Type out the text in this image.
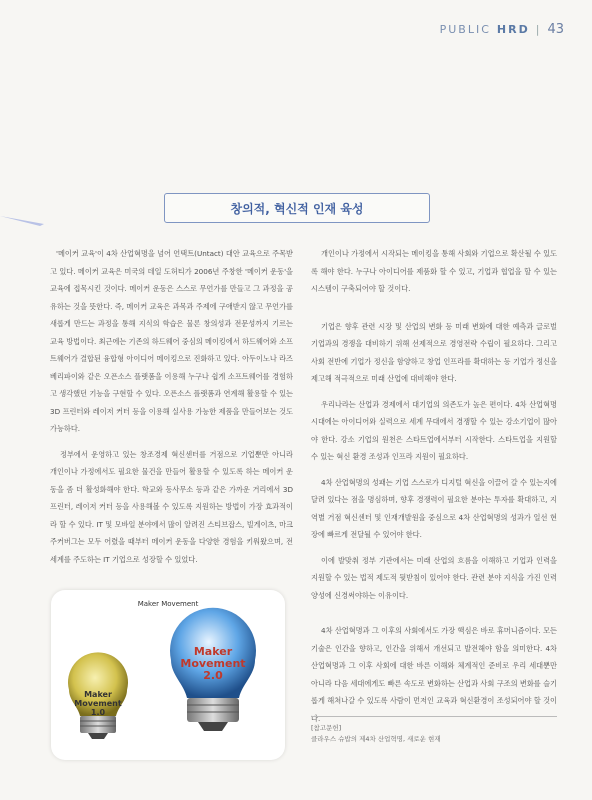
PUBLIC HRD | 43
창의적, 혁신적 인재 육성

'메이커 교육'이 4차 산업혁명을 넘어 언택트(Untact) 대안 교육으로 주목받고 있다. 메이커 교육은 미국의 데일 도허티가 2006년 주창한 '메이커 운동'을 교육에 접목시킨 것이다. 메이커 운동은 스스로 무언가를 만들고 그 과정을 공유하는 것을 뜻한다. 즉, 메이커 교육은 과목과 주제에 구애받지 않고 무언가를 새롭게 만드는 과정을 통해 지식의 학습은 물론 창의성과 전문성까지 기르는 교육 방법이다. 최근에는 기존의 하드웨어 중심의 메이킹에서 하드웨어와 소프트웨어가 결합된 융합형 아이디어 메이킹으로 진화하고 있다. 아두이노나 라즈베리파이와 같은 오픈소스 플랫폼을 이용해 누구나 쉽게 소프트웨어를 경험하고 생각했던 기능을 구현할 수 있다. 오픈소스 플랫폼과 연계해 활용할 수 있는 3D 프린터와 레이저 커터 등을 이용해 실사용 가능한 제품을 만들어보는 것도 가능하다.

정부에서 운영하고 있는 창조경제 혁신센터를 거점으로 기업뿐만 아니라 개인이나 가정에서도 필요한 물건을 만들어 활용할 수 있도록 하는 메이커 운동을 좀 더 활성화해야 한다. 학교와 동사무소 등과 같은 가까운 거리에서 3D 프린터, 레이저 커터 등을 사용해볼 수 있도록 지원하는 방법이 가장 효과적이라 할 수 있다. IT 및 모바일 분야에서 많이 알려진 스티브잡스, 빌게이츠, 마크주커버그는 모두 어렸을 때부터 메이커 운동을 다양한 경험을 키워왔으며, 전 세계를 주도하는 IT 기업으로 성장할 수 있었다.

개인이나 가정에서 시작되는 메이킹을 통해 사회와 기업으로 확산될 수 있도록 해야 한다. 누구나 아이디어를 제품화 할 수 있고, 기업과 협업을 할 수 있는 시스템이 구축되어야 할 것이다.

기업은 향후 관련 시장 및 산업의 변화 등 미래 변화에 대한 예측과 글로벌 기업과의 경쟁을 대비하기 위해 선제적으로 경영전략 수립이 필요하다. 그리고 사회 전반에 기업가 정신을 함양하고 창업 인프라를 확대하는 등 기업가 정신을 제고해 적극적으로 미래 산업에 대비해야 한다.

우리나라는 산업과 경제에서 대기업의 의존도가 높은 편이다. 4차 산업혁명 시대에는 아이디어와 실력으로 세계 무대에서 경쟁할 수 있는 강소기업이 많아야 한다. 강소 기업의 원천은 스타트업에서부터 시작한다. 스타트업을 지원할 수 있는 혁신 환경 조성과 인프라 지원이 필요하다.

4차 산업혁명의 성패는 기업 스스로가 디지털 혁신을 이끌어 갈 수 있는지에 달려 있다는 점을 명심하며, 향후 경쟁력이 필요한 분야는 투자를 확대하고, 지역별 거점 혁신센터 및 인재개발원을 중심으로 4차 산업혁명의 성과가 일선 현장에 빠르게 전달될 수 있어야 한다.

이에 발맞춰 정부 기관에서는 미래 산업의 흐름을 이해하고 기업과 인력을 지원할 수 있는 법적 제도적 뒷받침이 있어야 한다. 관련 분야 지식을 가진 인력 양성에 신경써야하는 이유이다.

4차 산업혁명과 그 이후의 사회에서도 가장 핵심은 바로 휴머니즘이다. 모든 기술은 인간을 향하고, 인간을 위해서 개선되고 발전해야 함을 의미한다. 4차 산업혁명과 그 이후 사회에 대한 바른 이해와 체계적인 준비로 우리 세대뿐만 아니라 다음 세대에게도 빠른 속도로 변화하는 산업과 사회 구조의 변화를 슬기롭게 해쳐나갈 수 있도록 사람이 먼저인 교육과 혁신환경이 조성되어야 할 것이다.

Maker Movement
Maker
Movement
1.0
Maker
Movement
2.0
[참고문헌]
클라우스 슈밥의 제4차 산업혁명, 새로운 현재
